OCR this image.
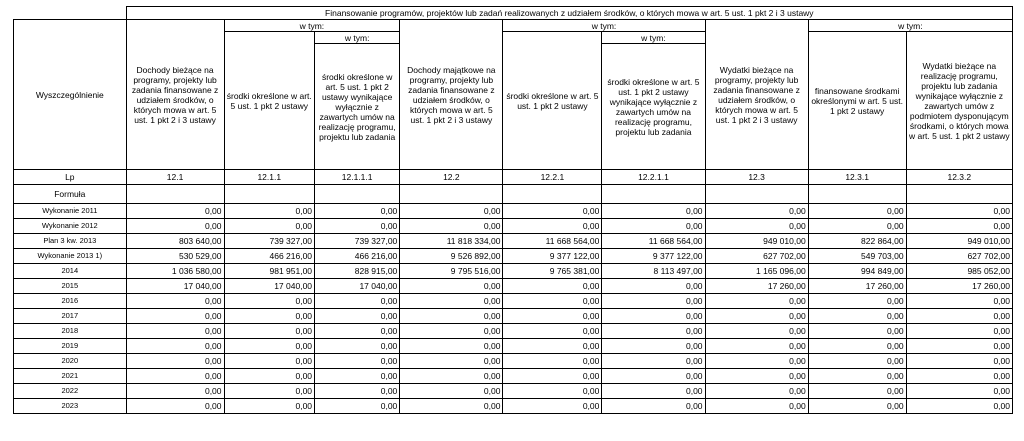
	Finansowanie programów, projektów lub zadań realizowanych z udziałem środków, o których mowa w art. 5 ust. 1 pkt 2 i 3 ustawy								
Wyszczególnienie	Dochody bieżące na programy, projekty lub zadania finansowane z udziałem środków, o których mowa w art. 5 ust. 1 pkt 2 i 3 ustawy	w tym:		Dochody majątkowe na programy, projekty lub zadania finansowane z udziałem środków, o których mowa w art. 5 ust. 1 pkt 2 i 3 ustawy	w tym:		Wydatki bieżące na programy, projekty lub zadania finansowane z udziałem środków, o których mowa w art. 5 ust. 1 pkt 2 i 3 ustawy	w tym:	
		środki określone w art. 5 ust. 1 pkt 2 ustawy	w tym:		środki określone w art. 5 ust. 1 pkt 2 ustawy	w tym:		finansowane środkami określonymi w art. 5 ust. 1 pkt 2 ustawy	Wydatki bieżące na realizację programu, projektu lub zadania wynikające wyłącznie z zawartych umów z podmiotem dysponującym środkami, o których mowa w art. 5 ust. 1 pkt 2 ustawy
			środki określone w art. 5 ust. 1 pkt 2 ustawy wynikające wyłącznie z zawartych umów na realizację programu, projektu lub zadania			środki określone w art. 5 ust. 1 pkt 2 ustawy wynikające wyłącznie z zawartych umów na realizację programu, projektu lub zadania			
Lp	12.1	12.1.1	12.1.1.1	12.2	12.2.1	12.2.1.1	12.3	12.3.1	12.3.2
Formuła									
Wykonanie 2011	0,00	0,00	0,00	0,00	0,00	0,00	0,00	0,00	0,00
Wykonanie 2012	0,00	0,00	0,00	0,00	0,00	0,00	0,00	0,00	0,00
Plan 3 kw. 2013	803 640,00	739 327,00	739 327,00	11 818 334,00	11 668 564,00	11 668 564,00	949 010,00	822 864,00	949 010,00
Wykonanie 2013 1)	530 529,00	466 216,00	466 216,00	9 526 892,00	9 377 122,00	9 377 122,00	627 702,00	549 703,00	627 702,00
2014	1 036 580,00	981 951,00	828 915,00	9 795 516,00	9 765 381,00	8 113 497,00	1 165 096,00	994 849,00	985 052,00
2015	17 040,00	17 040,00	17 040,00	0,00	0,00	0,00	17 260,00	17 260,00	17 260,00
2016	0,00	0,00	0,00	0,00	0,00	0,00	0,00	0,00	0,00
2017	0,00	0,00	0,00	0,00	0,00	0,00	0,00	0,00	0,00
2018	0,00	0,00	0,00	0,00	0,00	0,00	0,00	0,00	0,00
2019	0,00	0,00	0,00	0,00	0,00	0,00	0,00	0,00	0,00
2020	0,00	0,00	0,00	0,00	0,00	0,00	0,00	0,00	0,00
2021	0,00	0,00	0,00	0,00	0,00	0,00	0,00	0,00	0,00
2022	0,00	0,00	0,00	0,00	0,00	0,00	0,00	0,00	0,00
2023	0,00	0,00	0,00	0,00	0,00	0,00	0,00	0,00	0,00
